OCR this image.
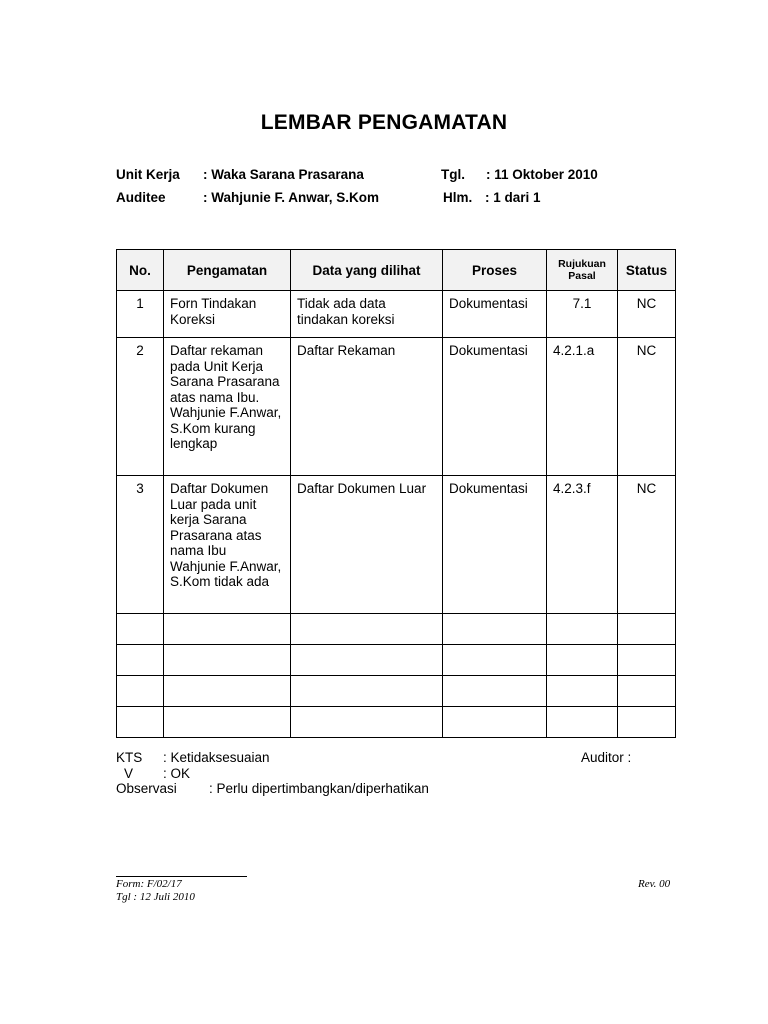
LEMBAR PENGAMATAN
Unit Kerja : Waka Sarana Prasarana	Tgl. : 11 Oktober 2010
Auditee	: Wahjunie F. Anwar, S.Kom	Hlm. : 1 dari 1
No.	Pengamatan	Data yang dilihat	Proses	Rujukuan Pasal	Status
1	Forn Tindakan Koreksi	Tidak ada data tindakan koreksi	Dokumentasi	7.1	NC
2	Daftar rekaman pada Unit Kerja Sarana Prasarana atas nama Ibu. Wahjunie F.Anwar, S.Kom kurang lengkap	Daftar Rekaman	Dokumentasi	4.2.1.a	NC
3	Daftar Dokumen Luar pada unit kerja Sarana Prasarana atas nama Ibu Wahjunie F.Anwar, S.Kom tidak ada	Daftar Dokumen Luar	Dokumentasi	4.2.3.f	NC

KTS : Ketidaksesuaian	Auditor :
V : OK
Observasi : Perlu dipertimbangkan/diperhatikan
Form: F/02/17
Tgl : 12 Juli 2010
Rev. 00
